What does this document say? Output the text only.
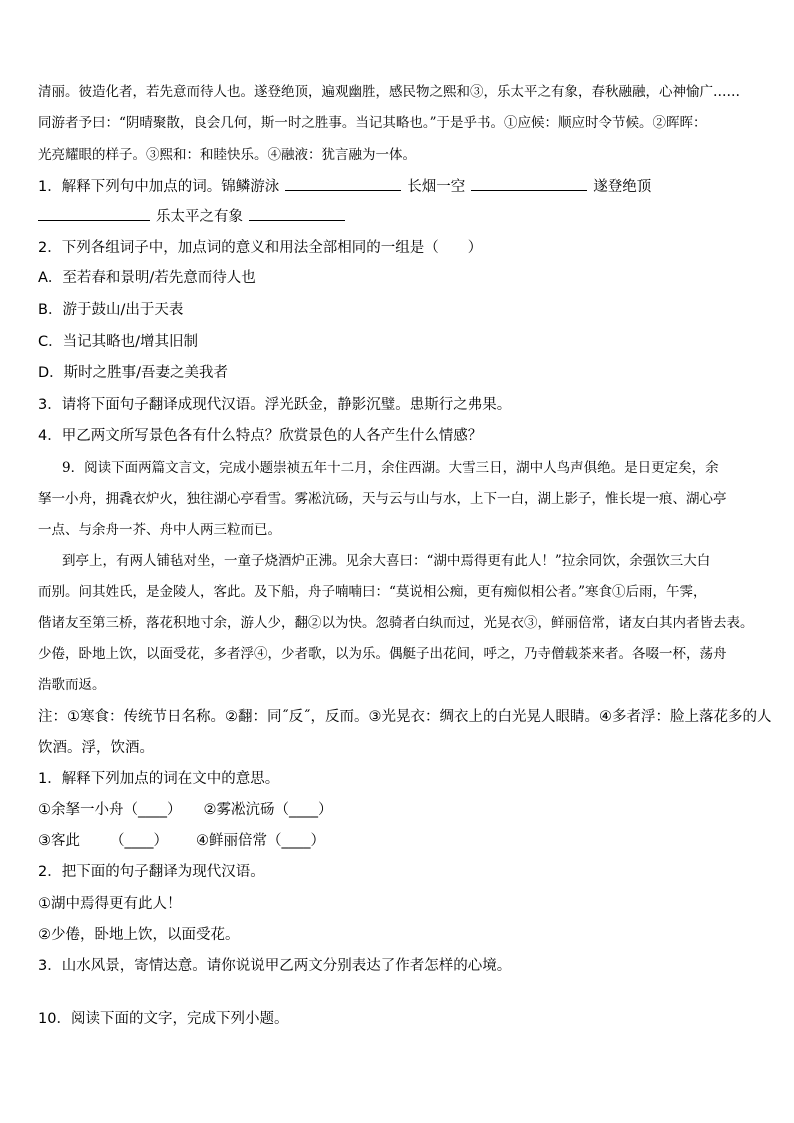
清丽。彼造化者，若先意而待人也。遂登绝顶，遍观幽胜，感民物之熙和③，乐太平之有象，春秋融融，心神愉广……
同游者予曰：“阴晴聚散，良会几何，斯一时之胜事。当记其略也。”于是乎书。①应候：顺应时令节候。②晖晖：
光亮耀眼的样子。③熙和：和睦快乐。④融液：犹言融为一体。
1．解释下列句中加点的词。锦鳞游泳	长烟一空	遂登绝顶
乐太平之有象
2．下列各组词子中，加点词的意义和用法全部相同的一组是（　　）
A．至若春和景明/若先意而待人也
B．游于鼓山/出于天表
C．当记其略也/增其旧制
D．斯时之胜事/吾妻之美我者
3．请将下面句子翻译成现代汉语。浮光跃金，静影沉璧。患斯行之弗果。
4．甲乙两文所写景色各有什么特点？欣赏景色的人各产生什么情感？
9．阅读下面两篇文言文，完成小题崇祯五年十二月，余住西湖。大雪三日，湖中人鸟声俱绝。是日更定矣，余
拏一小舟，拥毳衣炉火，独往湖心亭看雪。雾凇沆砀，天与云与山与水，上下一白，湖上影子，惟长堤一痕、湖心亭
一点、与余舟一芥、舟中人两三粒而已。
到亭上，有两人铺毡对坐，一童子烧酒炉正沸。见余大喜曰：“湖中焉得更有此人！”拉余同饮，余强饮三大白
而别。问其姓氏，是金陵人，客此。及下船，舟子喃喃曰：“莫说相公痴，更有痴似相公者。”寒食①后雨，午霁，
偕诸友至第三桥，落花积地寸余，游人少，翻②以为快。忽骑者白纨而过，光晃衣③，鲜丽倍常，诸友白其内者皆去表。
少倦，卧地上饮，以面受花，多者浮④，少者歌，以为乐。偶艇子出花间，呼之，乃寺僧载茶来者。各啜一杯，荡舟
浩歌而返。
注：①寒食：传统节日名称。②翻：同˝反˝，反而。③光晃衣：绸衣上的白光晃人眼睛。④多者浮：脸上落花多的人
饮酒。浮，饮酒。
1．解释下列加点的词在文中的意思。
①余拏一小舟（____） ②雾凇沆砀（____）
③客此 （____） ④鲜丽倍常（____）
2．把下面的句子翻译为现代汉语。
①湖中焉得更有此人！
②少倦，卧地上饮，以面受花。
3．山水风景，寄情达意。请你说说甲乙两文分别表达了作者怎样的心境。
10．阅读下面的文字，完成下列小题。
